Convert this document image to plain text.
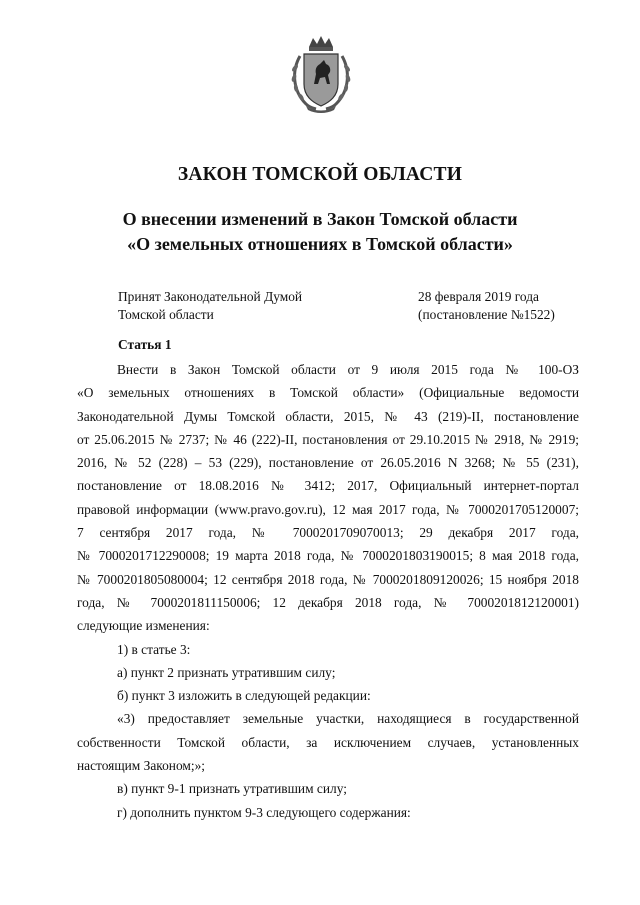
ЗАКОН ТОМСКОЙ ОБЛАСТИ
О внесении изменений в Закон Томской области
«О земельных отношениях в Томской области»
Принят Законодательной Думой
Томской области
28 февраля 2019 года
(постановление №1522)
Статья 1

Внести в Закон Томской области от 9 июля 2015 года № 100-ОЗ

«О земельных отношениях в Томской области» (Официальные ведомости

Законодательной Думы Томской области, 2015, № 43 (219)-II, постановление

от 25.06.2015 № 2737; № 46 (222)-II, постановления от 29.10.2015 № 2918, № 2919;

2016, № 52 (228) – 53 (229), постановление от 26.05.2016 N 3268; № 55 (231),

постановление от 18.08.2016 № 3412; 2017, Официальный интернет-портал

правовой информации (www.pravo.gov.ru), 12 мая 2017 года, № 7000201705120007;

7 сентября 2017 года, № 7000201709070013; 29 декабря 2017 года,

№ 7000201712290008; 19 марта 2018 года, № 7000201803190015; 8 мая 2018 года,

№ 7000201805080004; 12 сентября 2018 года, № 7000201809120026; 15 ноября 2018

года, № 7000201811150006; 12 декабря 2018 года, № 7000201812120001)

следующие изменения:

1) в статье 3:

а) пункт 2 признать утратившим силу;

б) пункт 3 изложить в следующей редакции:

«3) предоставляет земельные участки, находящиеся в государственной

собственности Томской области, за исключением случаев, установленных

настоящим Законом;»;

в) пункт 9-1 признать утратившим силу;

г) дополнить пунктом 9-3 следующего содержания:
